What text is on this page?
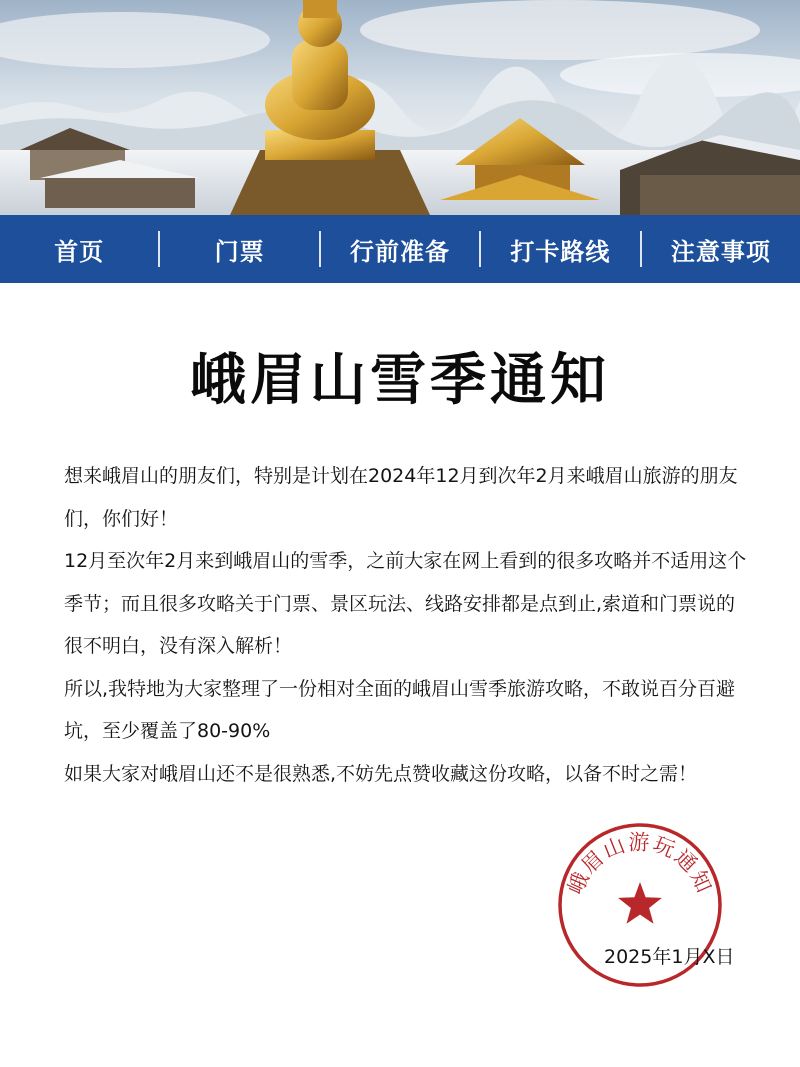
首页	门票	行前准备	打卡路线	注意事项
峨眉山雪季通知

想来峨眉山的朋友们，特别是计划在2024年12月到次年2月来峨眉山旅游的朋友们，你们好！

12月至次年2月来到峨眉山的雪季，之前大家在网上看到的很多攻略并不适用这个季节；而且很多攻略关于门票、景区玩法、线路安排都是点到止,索道和门票说的很不明白，没有深入解析！

所以,我特地为大家整理了一份相对全面的峨眉山雪季旅游攻略，不敢说百分百避坑，至少覆盖了80-90%

如果大家对峨眉山还不是很熟悉,不妨先点赞收藏这份攻略，以备不时之需！

峨眉山游玩通知
2025年1月X日
